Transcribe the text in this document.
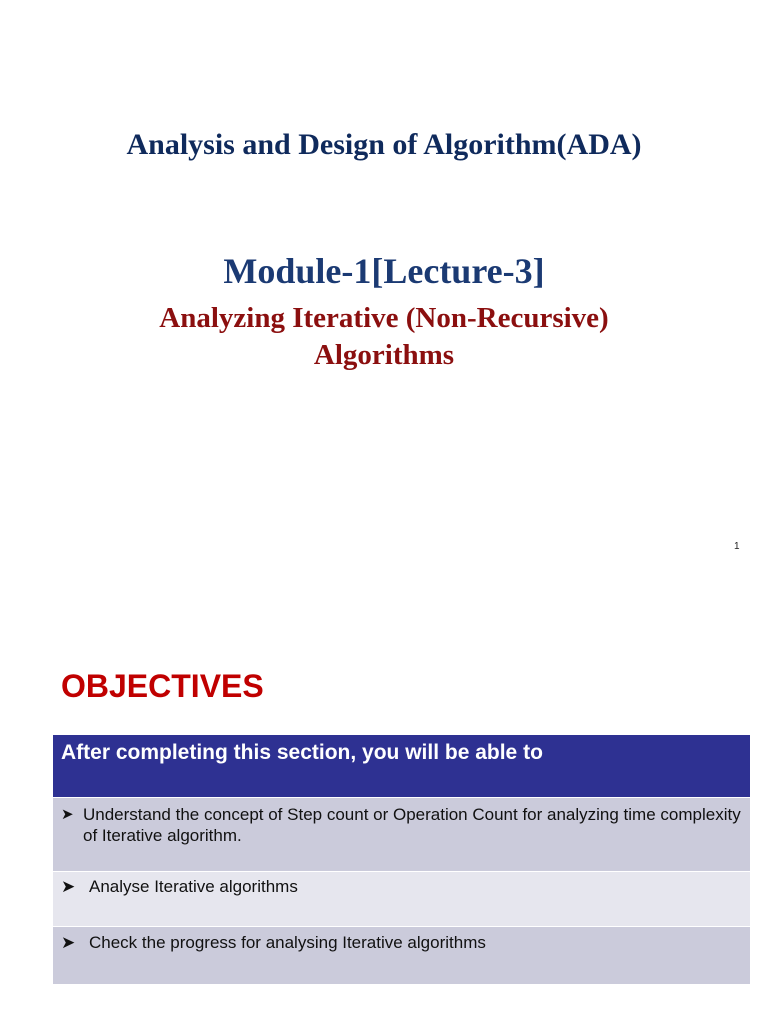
Analysis and Design of Algorithm(ADA)
Module-1[Lecture-3]
Analyzing Iterative (Non-Recursive)
Algorithms
1
OBJECTIVES
After completing this section, you will be able to

➤ Understand the concept of Step count or Operation Count for analyzing time complexity of Iterative algorithm.

➤ Analyse Iterative algorithms

➤ Check the progress for analysing Iterative algorithms
